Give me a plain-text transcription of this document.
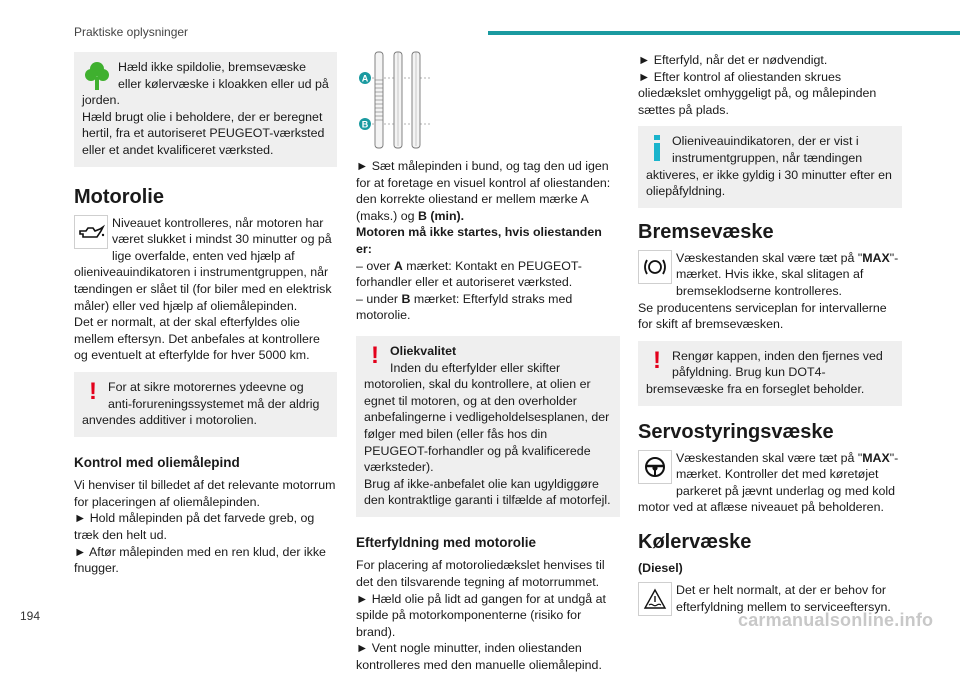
Praktiske oplysninger

Hæld ikke spildolie, bremsevæske eller kølervæske i kloakken eller ud på jorden.

Hæld brugt olie i beholdere, der er beregnet hertil, fra et autoriseret PEUGEOT-værksted eller et andet kvalificeret værksted.

Motorolie

Niveauet kontrolleres, når motoren har været slukket i mindst 30 minutter og på lige overfalde, enten ved hjælp af olieniveauindikatoren i instrumentgruppen, når tændingen er slået til (for biler med en elektrisk måler) eller ved hjælp af oliemålepinden.

Det er normalt, at der skal efterfyldes olie mellem eftersyn. Det anbefales at kontrollere og eventuelt at efterfylde for hver 5000 km.

! For at sikre motorernes ydeevne og anti-forureningssystemet må der aldrig anvendes additiver i motorolien.

Kontrol med oliemålepind

Vi henviser til billedet af det relevante motorrum for placeringen af oliemålepinden.

► Hold målepinden på det farvede greb, og træk den helt ud.

► Aftør målepinden med en ren klud, der ikke fnugger.

A
B

► Sæt målepinden i bund, og tag den ud igen for at foretage en visuel kontrol af oliestanden: den korrekte oliestand er mellem mærke A (maks.) og B (min).

Motoren må ikke startes, hvis oliestanden er:

– over A mærket: Kontakt en PEUGEOT-forhandler eller et autoriseret værksted.

– under B mærket: Efterfyld straks med motorolie.

! Oliekvalitet

Inden du efterfylder eller skifter motorolien, skal du kontrollere, at olien er egnet til motoren, og at den overholder anbefalingerne i vedligeholdelsesplanen, der følger med bilen (eller fås hos din PEUGEOT-forhandler og på kvalificerede værksteder).

Brug af ikke-anbefalet olie kan ugyldiggøre den kontraktlige garanti i tilfælde af motorfejl.

Efterfyldning med motorolie

For placering af motoroliedækslet henvises til det den tilsvarende tegning af motorrummet.

► Hæld olie på lidt ad gangen for at undgå at spilde på motorkomponenterne (risiko for brand).

► Vent nogle minutter, inden oliestanden kontrolleres med den manuelle oliemålepind.

► Efterfyld, når det er nødvendigt.

► Efter kontrol af oliestanden skrues oliedækslet omhyggeligt på, og målepinden sættes på plads.

Olieniveauindikatoren, der er vist i instrumentgruppen, når tændingen aktiveres, er ikke gyldig i 30 minutter efter en oliepåfyldning.

Bremsevæske

Væskestanden skal være tæt på "MAX"-mærket. Hvis ikke, skal slitagen af bremseklodserne kontrolleres.

Se producentens serviceplan for intervallerne for skift af bremsevæsken.

! Rengør kappen, inden den fjernes ved påfyldning. Brug kun DOT4-bremsevæske fra en forseglet beholder.

Servostyringsvæske

Væskestanden skal være tæt på "MAX"-mærket. Kontroller det med køretøjet parkeret på jævnt underlag og med kold motor ved at aflæse niveauet på beholderen.

Kølervæske

(Diesel)

Det er helt normalt, at der er behov for efterfyldning mellem to serviceeftersyn.

194	carmanualsonline.info
